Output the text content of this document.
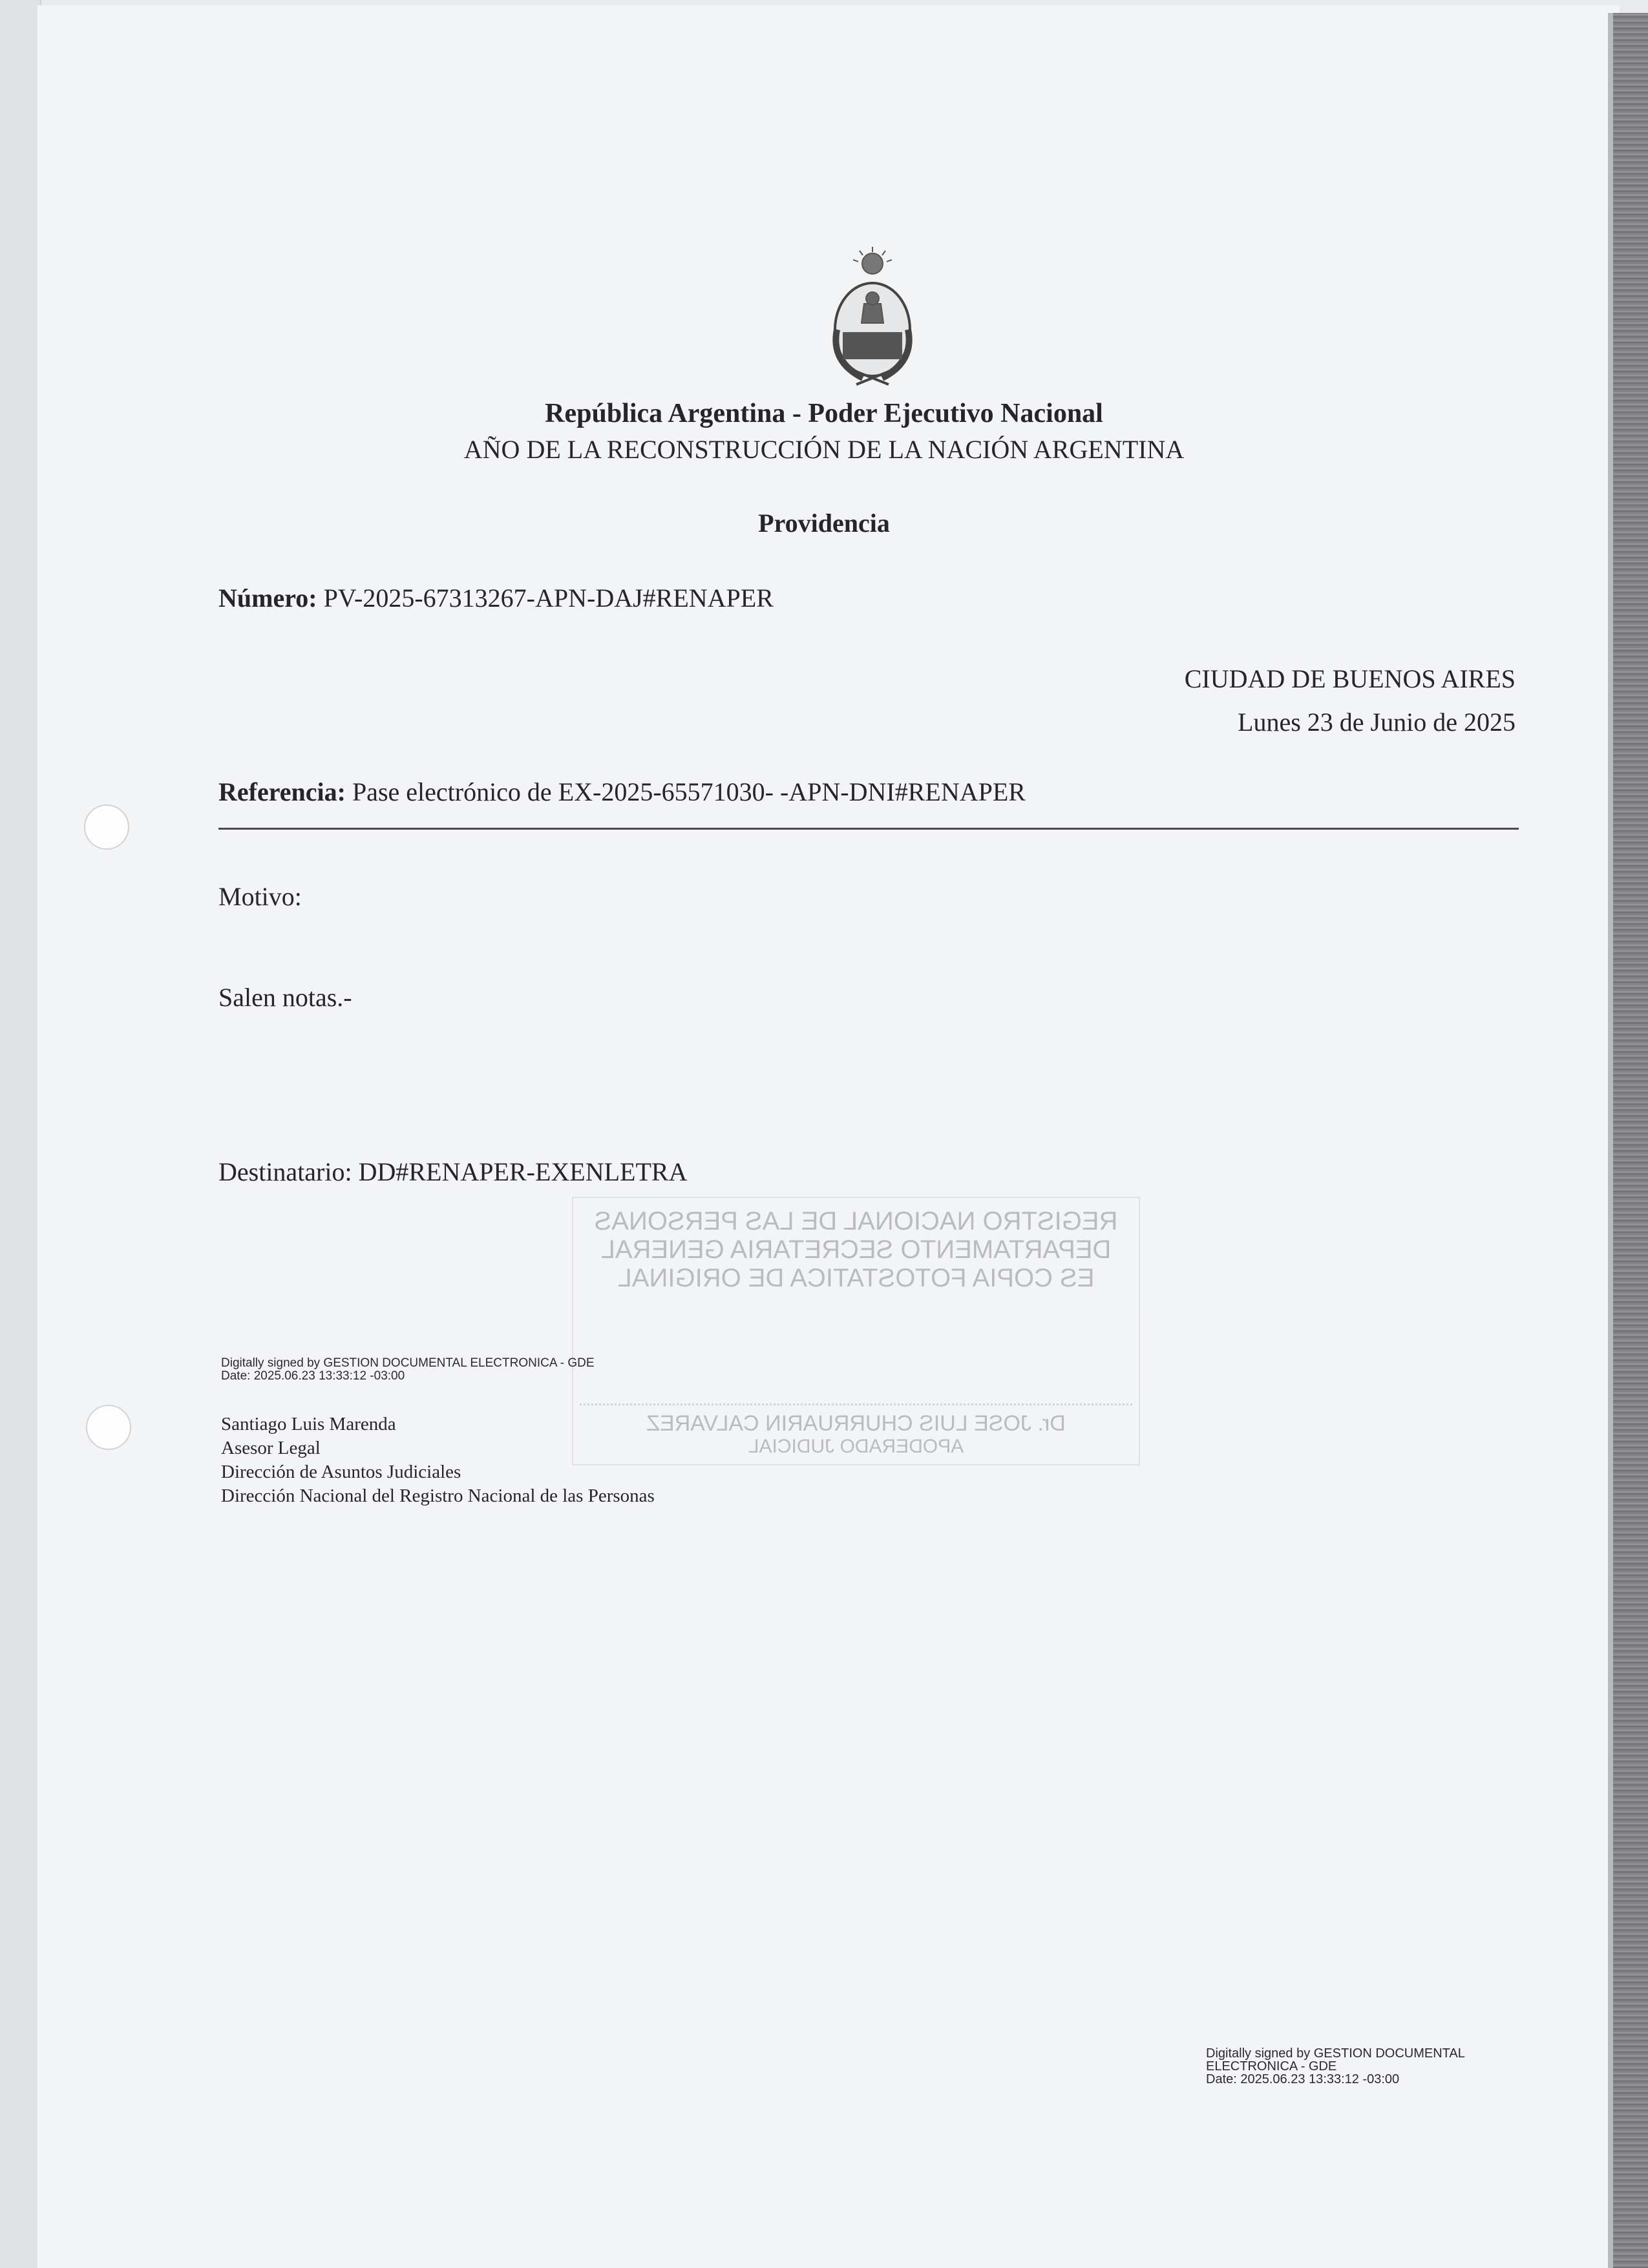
República Argentina - Poder Ejecutivo Nacional
AÑO DE LA RECONSTRUCCIÓN DE LA NACIÓN ARGENTINA
Providencia
Número: PV-2025-67313267-APN-DAJ#RENAPER
CIUDAD DE BUENOS AIRES
Lunes 23 de Junio de 2025
Referencia: Pase electrónico de EX-2025-65571030- -APN-DNI#RENAPER
Motivo:
Salen notas.-
Destinatario: DD#RENAPER-EXENLETRA
REGISTRO NACIONAL DE LAS PERSONAS
DEPARTAMENTO SECRETARIA GENERAL
ES COPIA FOTOSTATICA DE ORIGINAL
Dr. JOSE LUIS CHURRUARIN CALVAREZ
APODERADO JUDICIAL
Digitally signed by GESTION DOCUMENTAL ELECTRONICA - GDE
Date: 2025.06.23 13:33:12 -03:00
Santiago Luis Marenda
Asesor Legal
Dirección de Asuntos Judiciales
Dirección Nacional del Registro Nacional de las Personas
Digitally signed by GESTION DOCUMENTAL
ELECTRONICA - GDE
Date: 2025.06.23 13:33:12 -03:00
